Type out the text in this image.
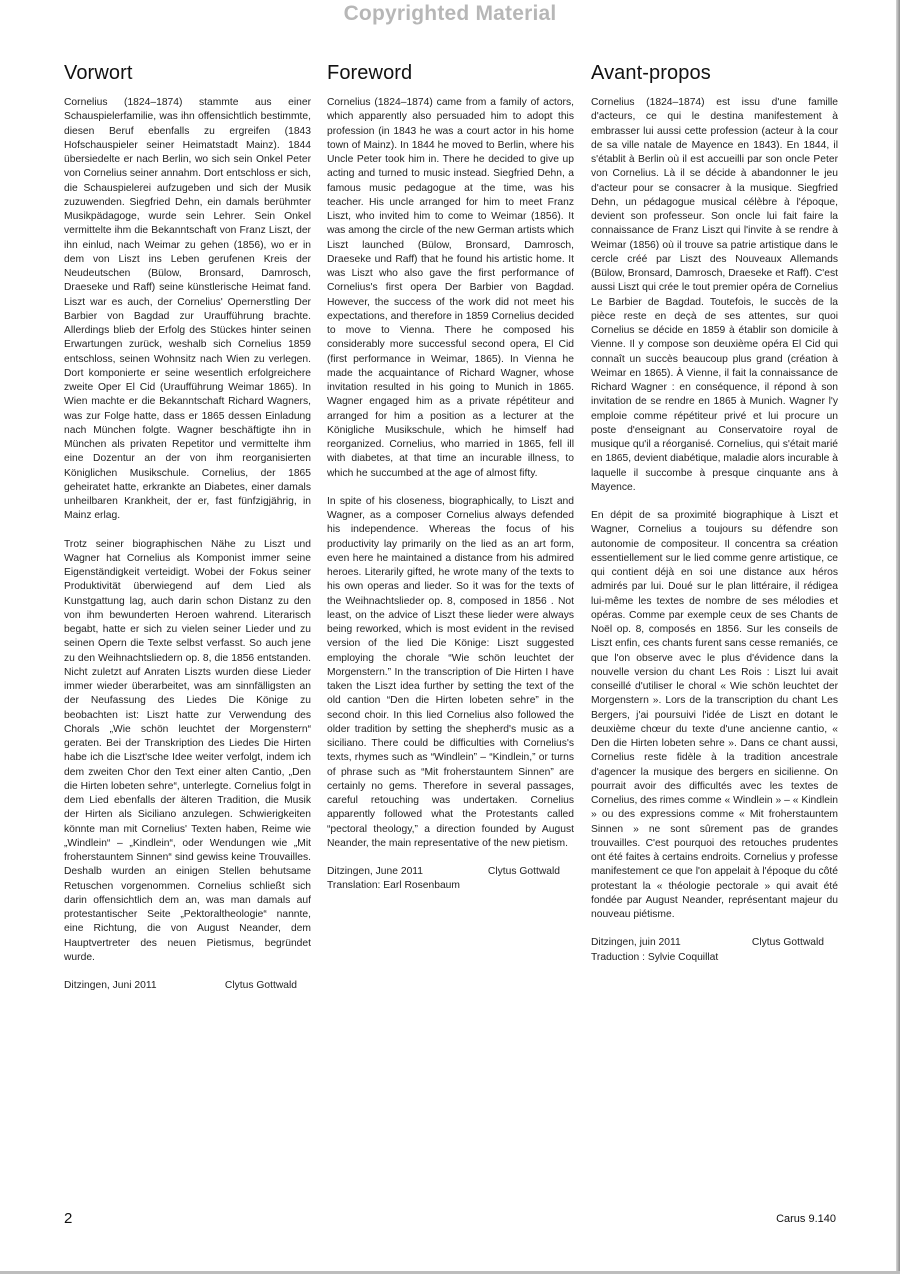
Copyrighted Material
Vorwort

Cornelius (1824–1874) stammte aus einer Schauspielerfamilie, was ihn offensichtlich bestimmte, diesen Beruf ebenfalls zu ergreifen (1843 Hofschauspieler seiner Heimatstadt Mainz). 1844 übersiedelte er nach Berlin, wo sich sein Onkel Peter von Cornelius seiner annahm. Dort entschloss er sich, die Schauspielerei aufzugeben und sich der Musik zuzuwenden. Siegfried Dehn, ein damals berühmter Musikpädagoge, wurde sein Lehrer. Sein Onkel vermittelte ihm die Bekanntschaft von Franz Liszt, der ihn einlud, nach Weimar zu gehen (1856), wo er in dem von Liszt ins Leben gerufenen Kreis der Neudeutschen (Bülow, Bronsard, Damrosch, Draeseke und Raff) seine künstlerische Heimat fand. Liszt war es auch, der Cornelius' Opernerstling Der Barbier von Bagdad zur Uraufführung brachte. Allerdings blieb der Erfolg des Stückes hinter seinen Erwartungen zurück, weshalb sich Cornelius 1859 entschloss, seinen Wohnsitz nach Wien zu verlegen. Dort komponierte er seine wesentlich erfolgreichere zweite Oper El Cid (Uraufführung Weimar 1865). In Wien machte er die Bekanntschaft Richard Wagners, was zur Folge hatte, dass er 1865 dessen Einladung nach München folgte. Wagner beschäftigte ihn in München als privaten Repetitor und vermittelte ihm eine Dozentur an der von ihm reorganisierten Königlichen Musikschule. Cornelius, der 1865 geheiratet hatte, erkrankte an Diabetes, einer damals unheilbaren Krankheit, der er, fast fünfzigjährig, in Mainz erlag.

Trotz seiner biographischen Nähe zu Liszt und Wagner hat Cornelius als Komponist immer seine Eigenständigkeit verteidigt. Wobei der Fokus seiner Produktivität überwiegend auf dem Lied als Kunstgattung lag, auch darin schon Distanz zu den von ihm bewunderten Heroen wahrend. Literarisch begabt, hatte er sich zu vielen seiner Lieder und zu seinen Opern die Texte selbst verfasst. So auch jene zu den Weihnachtsliedern op. 8, die 1856 entstanden. Nicht zuletzt auf Anraten Liszts wurden diese Lieder immer wieder überarbeitet, was am sinnfälligsten an der Neufassung des Liedes Die Könige zu beobachten ist: Liszt hatte zur Verwendung des Chorals „Wie schön leuchtet der Morgenstern“ geraten. Bei der Transkription des Liedes Die Hirten habe ich die Liszt'sche Idee weiter verfolgt, indem ich dem zweiten Chor den Text einer alten Cantio, „Den die Hirten lobeten sehre“, unterlegte. Cornelius folgt in dem Lied ebenfalls der älteren Tradition, die Musik der Hirten als Siciliano anzulegen. Schwierigkeiten könnte man mit Cornelius' Texten haben, Reime wie „Windlein“ – „Kindlein“, oder Wendungen wie „Mit froherstauntem Sinnen“ sind gewiss keine Trouvailles. Deshalb wurden an einigen Stellen behutsame Retuschen vorgenommen. Cornelius schließt sich darin offensichtlich dem an, was man damals auf protestantischer Seite „Pektoraltheologie“ nannte, eine Richtung, die von August Neander, dem Hauptvertreter des neuen Pietismus, begründet wurde.

Ditzingen, Juni 2011	Clytus Gottwald
Foreword

Cornelius (1824–1874) came from a family of actors, which apparently also persuaded him to adopt this profession (in 1843 he was a court actor in his home town of Mainz). In 1844 he moved to Berlin, where his Uncle Peter took him in. There he decided to give up acting and turned to music instead. Siegfried Dehn, a famous music pedagogue at the time, was his teacher. His uncle arranged for him to meet Franz Liszt, who invited him to come to Weimar (1856). It was among the circle of the new German artists which Liszt launched (Bülow, Bronsard, Damrosch, Draeseke und Raff) that he found his artistic home. It was Liszt who also gave the first performance of Cornelius's first opera Der Barbier von Bagdad. However, the success of the work did not meet his expectations, and therefore in 1859 Cornelius decided to move to Vienna. There he composed his considerably more successful second opera, El Cid (first performance in Weimar, 1865). In Vienna he made the acquaintance of Richard Wagner, whose invitation resulted in his going to Munich in 1865. Wagner engaged him as a private répétiteur and arranged for him a position as a lecturer at the Königliche Musikschule, which he himself had reorganized. Cornelius, who married in 1865, fell ill with diabetes, at that time an incurable illness, to which he succumbed at the age of almost fifty.

In spite of his closeness, biographically, to Liszt and Wagner, as a composer Cornelius always defended his independence. Whereas the focus of his productivity lay primarily on the lied as an art form, even here he maintained a distance from his admired heroes. Literarily gifted, he wrote many of the texts to his own operas and lieder. So it was for the texts of the Weihnachtslieder op. 8, composed in 1856 . Not least, on the advice of Liszt these lieder were always being reworked, which is most evident in the revised version of the lied Die Könige: Liszt suggested employing the chorale “Wie schön leuchtet der Morgenstern.” In the transcription of Die Hirten I have taken the Liszt idea further by setting the text of the old cantion “Den die Hirten lobeten sehre” in the second choir. In this lied Cornelius also followed the older tradition by setting the shepherd's music as a siciliano. There could be difficulties with Cornelius's texts, rhymes such as “Windlein” – “Kindlein,” or turns of phrase such as “Mit froherstauntem Sinnen” are certainly no gems. Therefore in several passages, careful retouching was undertaken. Cornelius apparently followed what the Protestants called “pectoral theology,” a direction founded by August Neander, the main representative of the new pietism.

Ditzingen, June 2011	Clytus Gottwald
Translation: Earl Rosenbaum
Avant-propos

Cornelius (1824–1874) est issu d'une famille d'acteurs, ce qui le destina manifestement à embrasser lui aussi cette profession (acteur à la cour de sa ville natale de Mayence en 1843). En 1844, il s'établit à Berlin où il est accueilli par son oncle Peter von Cornelius. Là il se décide à abandonner le jeu d'acteur pour se consacrer à la musique. Siegfried Dehn, un pédagogue musical célèbre à l'époque, devient son professeur. Son oncle lui fait faire la connaissance de Franz Liszt qui l'invite à se rendre à Weimar (1856) où il trouve sa patrie artistique dans le cercle créé par Liszt des Nouveaux Allemands (Bülow, Bronsard, Damrosch, Draeseke et Raff). C'est aussi Liszt qui crée le tout premier opéra de Cornelius Le Barbier de Bagdad. Toutefois, le succès de la pièce reste en deçà de ses attentes, sur quoi Cornelius se décide en 1859 à établir son domicile à Vienne. Il y compose son deuxième opéra El Cid qui connaît un succès beaucoup plus grand (création à Weimar en 1865). À Vienne, il fait la connaissance de Richard Wagner : en conséquence, il répond à son invitation de se rendre en 1865 à Munich. Wagner l'y emploie comme répétiteur privé et lui procure un poste d'enseignant au Conservatoire royal de musique qu'il a réorganisé. Cornelius, qui s'était marié en 1865, devient diabétique, maladie alors incurable à laquelle il succombe à presque cinquante ans à Mayence.

En dépit de sa proximité biographique à Liszt et Wagner, Cornelius a toujours su défendre son autonomie de compositeur. Il concentra sa création essentiellement sur le lied comme genre artistique, ce qui contient déjà en soi une distance aux héros admirés par lui. Doué sur le plan littéraire, il rédigea lui-même les textes de nombre de ses mélodies et opéras. Comme par exemple ceux de ses Chants de Noël op. 8, composés en 1856. Sur les conseils de Liszt enfin, ces chants furent sans cesse remaniés, ce que l'on observe avec le plus d'évidence dans la nouvelle version du chant Les Rois : Liszt lui avait conseillé d'utiliser le choral « Wie schön leuchtet der Morgenstern ». Lors de la transcription du chant Les Bergers, j'ai poursuivi l'idée de Liszt en dotant le deuxième chœur du texte d'une ancienne cantio, « Den die Hirten lobeten sehre ». Dans ce chant aussi, Cornelius reste fidèle à la tradition ancestrale d'agencer la musique des bergers en sicilienne. On pourrait avoir des difficultés avec les textes de Cornelius, des rimes comme « Windlein » – « Kindlein » ou des expressions comme « Mit froherstauntem Sinnen » ne sont sûrement pas de grandes trouvailles. C'est pourquoi des retouches prudentes ont été faites à certains endroits. Cornelius y professe manifestement ce que l'on appelait à l'époque du côté protestant la « théologie pectorale » qui avait été fondée par August Neander, représentant majeur du nouveau piétisme.

Ditzingen, juin 2011	Clytus Gottwald
Traduction : Sylvie Coquillat
2	Carus 9.140
